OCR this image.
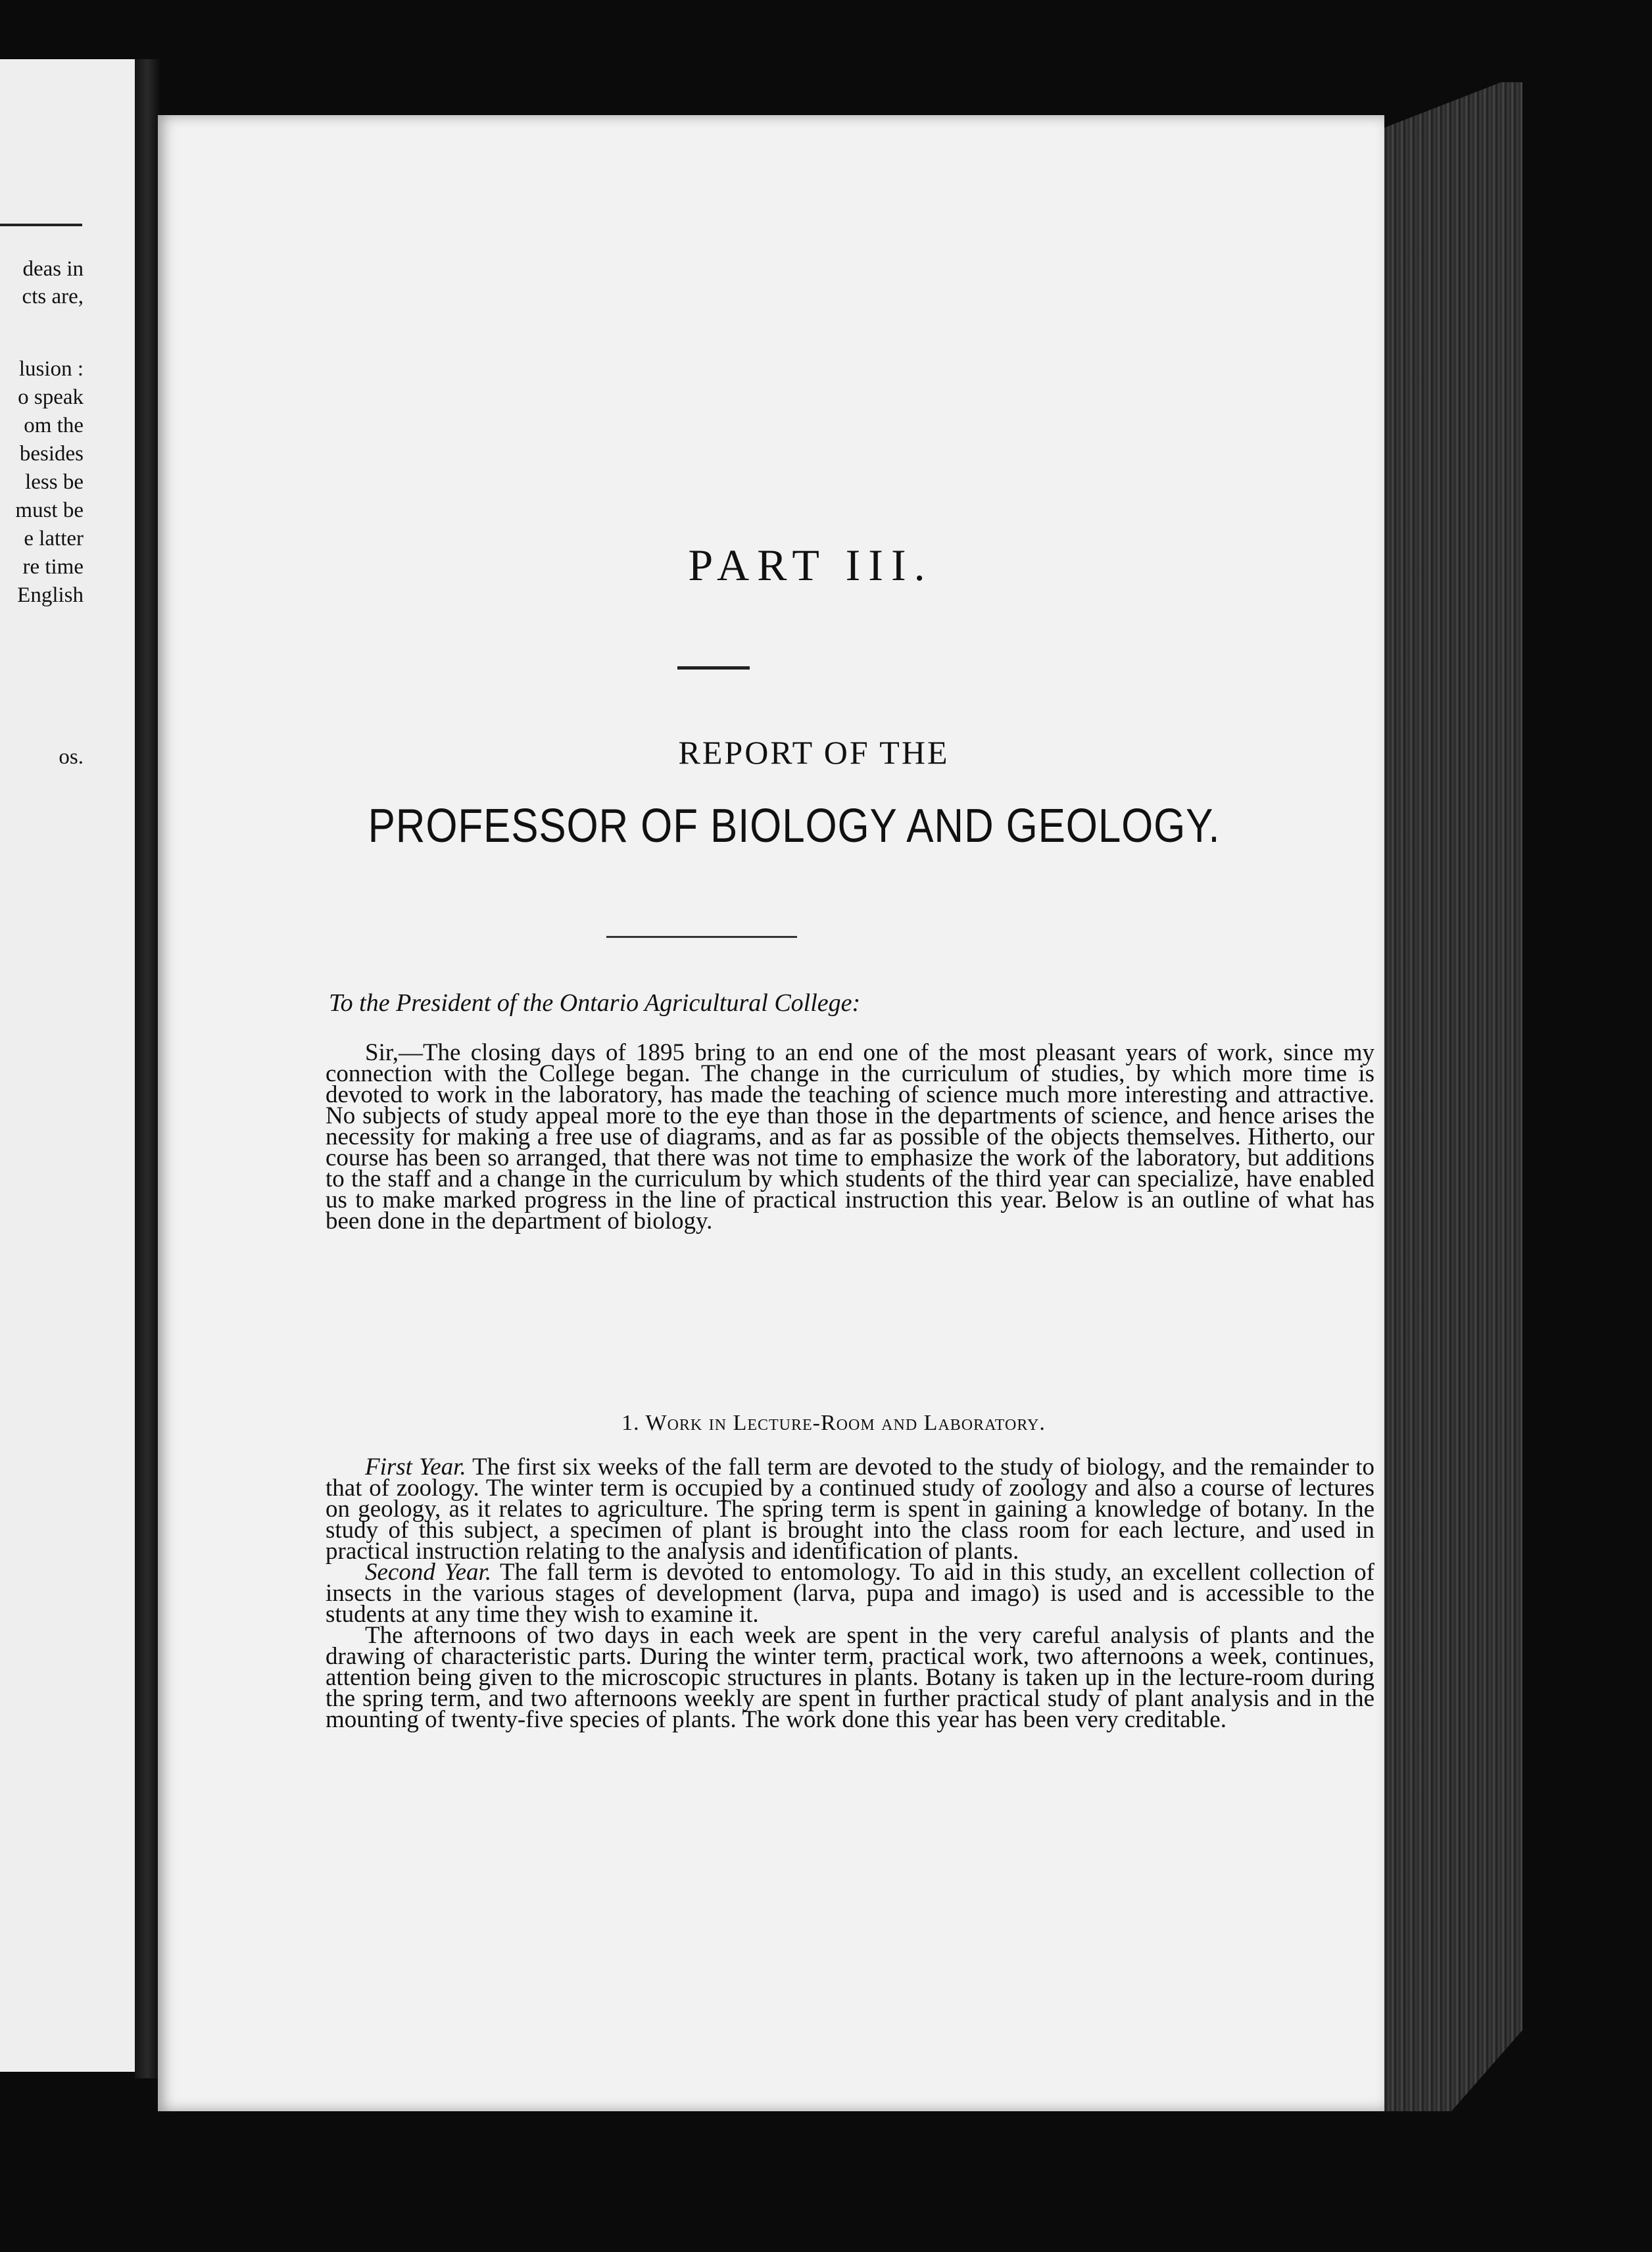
deas in
cts are,
lusion :
o speak
om the
besides
less be
must be
e latter
re time
English
os.
PART III.
REPORT OF THE
PROFESSOR OF BIOLOGY AND GEOLOGY.
To the President of the Ontario Agricultural College:

Sir,—The closing days of 1895 bring to an end one of the most pleasant years of work, since my connection with the College began. The change in the curriculum of studies, by which more time is devoted to work in the laboratory, has made the teaching of science much more interesting and attractive. No subjects of study appeal more to the eye than those in the departments of science, and hence arises the necessity for making a free use of diagrams, and as far as possible of the objects themselves. Hitherto, our course has been so arranged, that there was not time to emphasize the work of the laboratory, but additions to the staff and a change in the curriculum by which students of the third year can specialize, have enabled us to make marked progress in the line of practical instruction this year. Below is an outline of what has been done in the department of biology.

1. Work in Lecture-Room and Laboratory.

First Year. The first six weeks of the fall term are devoted to the study of biology, and the remainder to that of zoology. The winter term is occupied by a continued study of zoology and also a course of lectures on geology, as it relates to agriculture. The spring term is spent in gaining a knowledge of botany. In the study of this subject, a specimen of plant is brought into the class room for each lecture, and used in practical instruction relating to the analysis and identification of plants.

Second Year. The fall term is devoted to entomology. To aid in this study, an excellent collection of insects in the various stages of development (larva, pupa and imago) is used and is accessible to the students at any time they wish to examine it.

The afternoons of two days in each week are spent in the very careful analysis of plants and the drawing of characteristic parts. During the winter term, practical work, two afternoons a week, continues, attention being given to the microscopic structures in plants. Botany is taken up in the lecture-room during the spring term, and two afternoons weekly are spent in further practical study of plant analysis and in the mounting of twenty-five species of plants. The work done this year has been very creditable.
